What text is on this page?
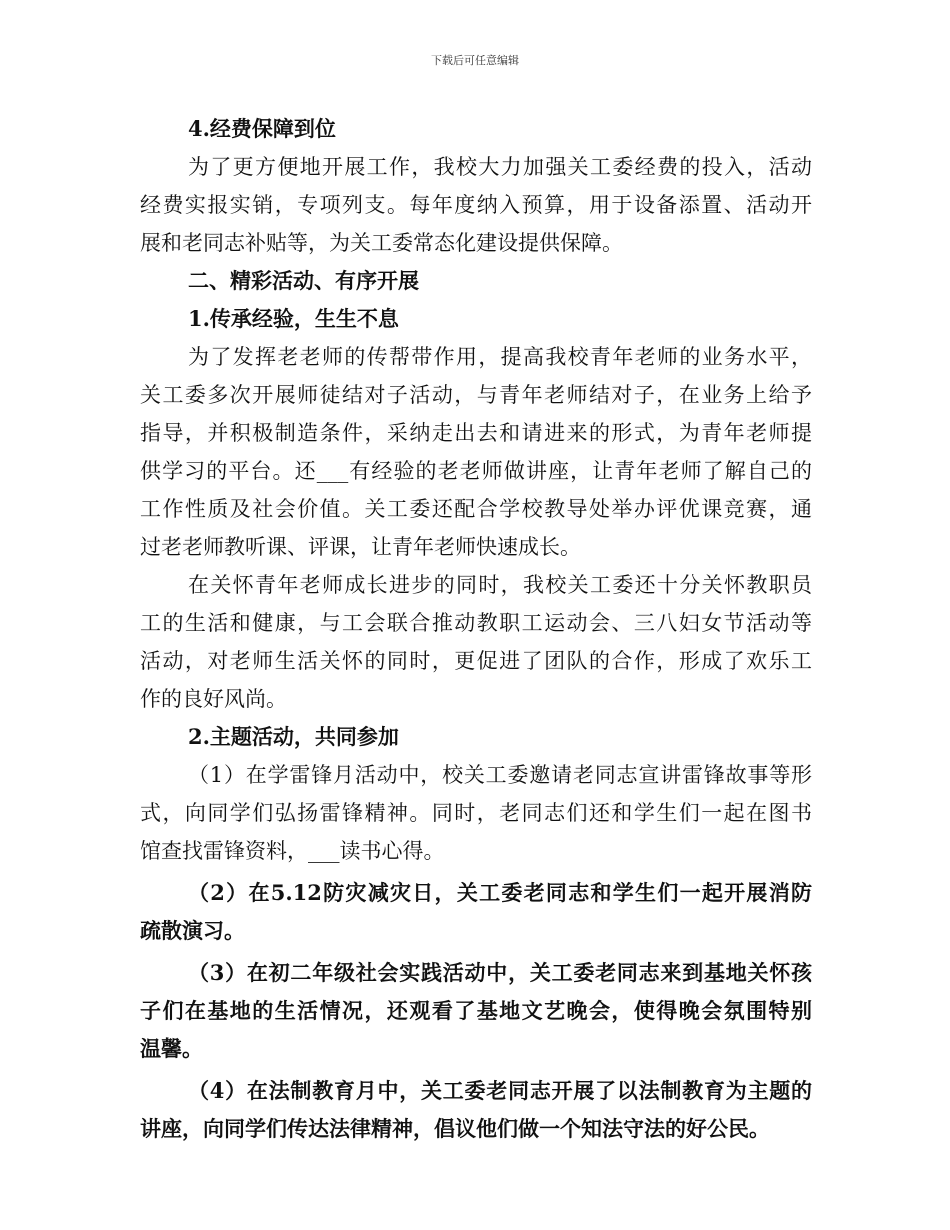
下载后可任意编辑
4.经费保障到位
为了更方便地开展工作，我校大力加强关工委经费的投入，活动
经费实报实销，专项列支。每年度纳入预算，用于设备添置、活动开
展和老同志补贴等，为关工委常态化建设提供保障。
二、精彩活动、有序开展
1.传承经验，生生不息
为了发挥老老师的传帮带作用，提高我校青年老师的业务水平，
关工委多次开展师徒结对子活动，与青年老师结对子，在业务上给予
指导，并积极制造条件，采纳走出去和请进来的形式，为青年老师提
供学习的平台。还___有经验的老老师做讲座，让青年老师了解自己的
工作性质及社会价值。关工委还配合学校教导处举办评优课竞赛，通
过老老师教听课、评课，让青年老师快速成长。
在关怀青年老师成长进步的同时，我校关工委还十分关怀教职员
工的生活和健康，与工会联合推动教职工运动会、三八妇女节活动等
活动，对老师生活关怀的同时，更促进了团队的合作，形成了欢乐工
作的良好风尚。
2.主题活动，共同参加
（1）在学雷锋月活动中，校关工委邀请老同志宣讲雷锋故事等形
式，向同学们弘扬雷锋精神。同时，老同志们还和学生们一起在图书
馆查找雷锋资料，___读书心得。
（2）在5.12防灾减灾日，关工委老同志和学生们一起开展消防
疏散演习。
（3）在初二年级社会实践活动中，关工委老同志来到基地关怀孩
子们在基地的生活情况，还观看了基地文艺晚会，使得晚会氛围特别
温馨。
（4）在法制教育月中，关工委老同志开展了以法制教育为主题的
讲座，向同学们传达法律精神，倡议他们做一个知法守法的好公民。
